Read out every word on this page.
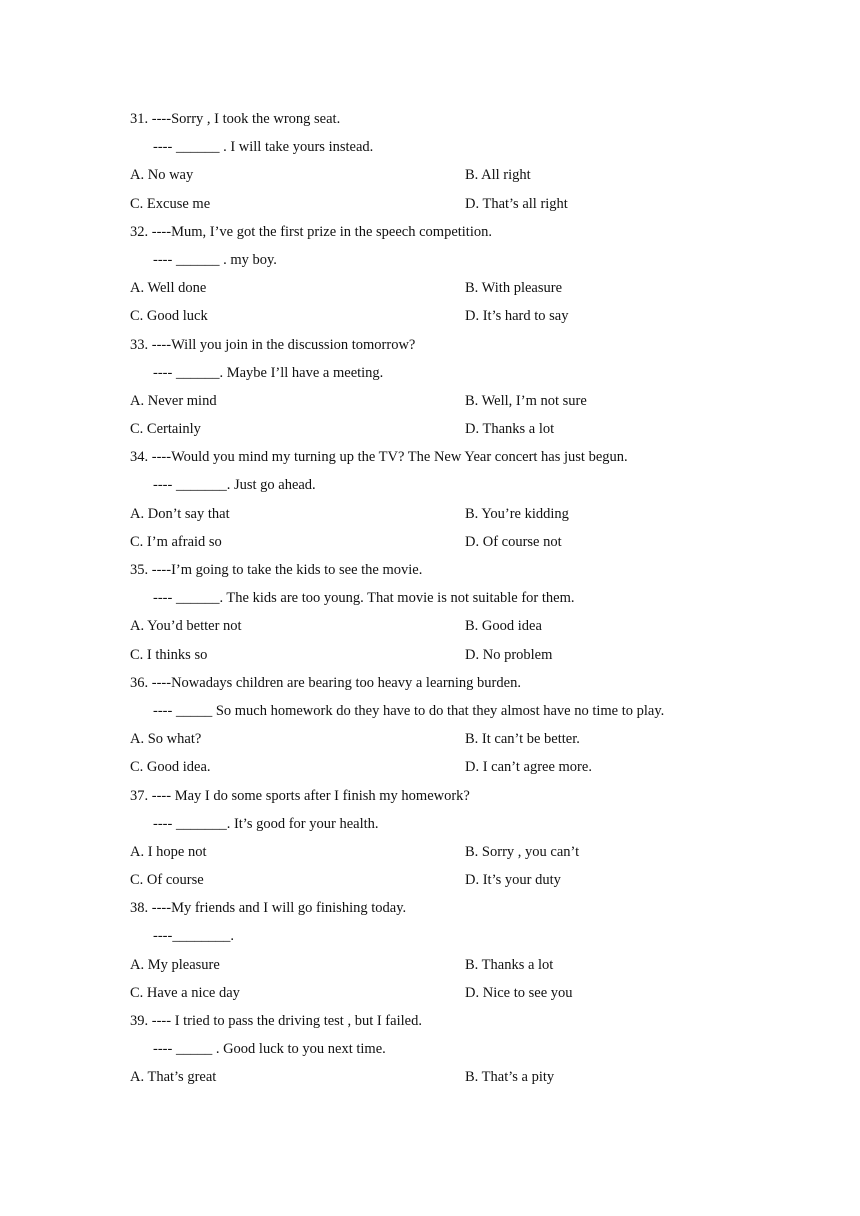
31. ----Sorry , I took the wrong seat.
---- ______ . I will take yours instead.
A. No way	B. All right
C. Excuse me	D. That’s all right
32. ----Mum, I’ve got the first prize in the speech competition.
---- ______ . my boy.
A. Well done	B. With pleasure
C. Good luck	D. It’s hard to say
33. ----Will you join in the discussion tomorrow?
---- ______. Maybe I’ll have a meeting.
A. Never mind	B. Well, I’m not sure
C. Certainly	D. Thanks a lot
34. ----Would you mind my turning up the TV? The New Year concert has just begun.
---- _______. Just go ahead.
A. Don’t say that	B. You’re kidding
C. I’m afraid so	D. Of course not
35. ----I’m going to take the kids to see the movie.
---- ______. The kids are too young. That movie is not suitable for them.
A. You’d better not	B. Good idea
C. I thinks so	D. No problem
36. ----Nowadays children are bearing too heavy a learning burden.
---- _____ So much homework do they have to do that they almost have no time to play.
A. So what?	B. It can’t be better.
C. Good idea.	D. I can’t agree more.
37. ---- May I do some sports after I finish my homework?
---- _______. It’s good for your health.
A. I hope not	B. Sorry , you can’t
C. Of course	D. It’s your duty
38. ----My friends and I will go finishing today.
----________.
A. My pleasure	B. Thanks a lot
C. Have a nice day	D. Nice to see you
39. ---- I tried to pass the driving test , but I failed.
---- _____ . Good luck to you next time.
A. That’s great	B. That’s a pity
